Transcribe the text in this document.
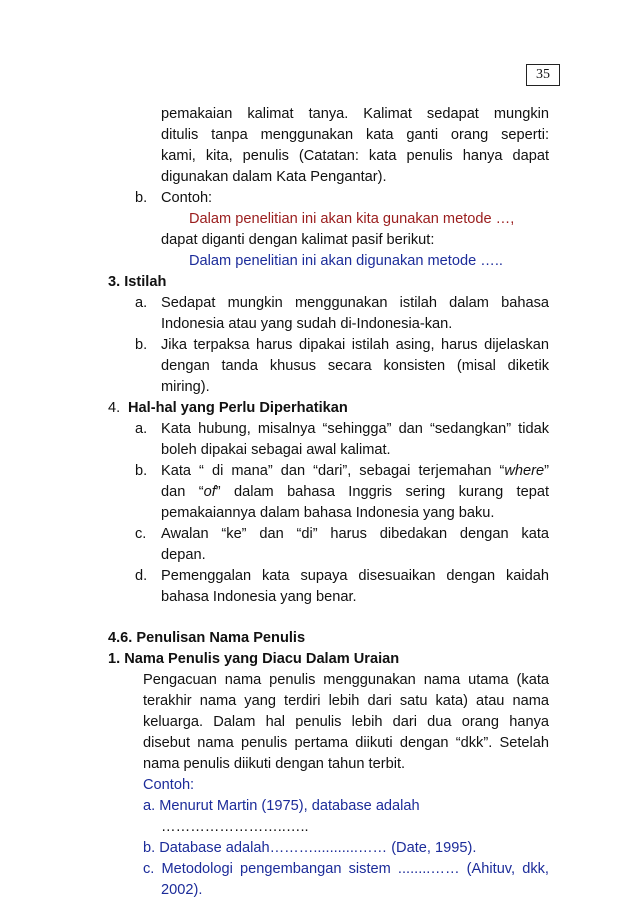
35
pemakaian kalimat tanya. Kalimat sedapat mungkin
ditulis tanpa menggunakan kata ganti orang seperti:
kami, kita, penulis (Catatan: kata penulis hanya dapat
digunakan dalam Kata Pengantar).
b. Contoh:
Dalam penelitian ini akan kita gunakan metode …,
dapat diganti dengan kalimat pasif berikut:
Dalam penelitian ini akan digunakan metode …..
3. Istilah
a. Sedapat mungkin menggunakan istilah dalam bahasa
Indonesia atau yang sudah di-Indonesia-kan.
b. Jika terpaksa harus dipakai istilah asing, harus dijelaskan
dengan tanda khusus secara konsisten (misal diketik
miring).
4. Hal-hal yang Perlu Diperhatikan
a. Kata hubung, misalnya “sehingga” dan “sedangkan” tidak
boleh dipakai sebagai awal kalimat.
b. Kata “ di mana” dan “dari”, sebagai terjemahan “where”
dan “of” dalam bahasa Inggris sering kurang tepat
pemakaiannya dalam bahasa Indonesia yang baku.
c. Awalan “ke” dan “di” harus dibedakan dengan kata
depan.
d. Pemenggalan kata supaya disesuaikan dengan kaidah
bahasa Indonesia yang benar.
4.6. Penulisan Nama Penulis
1. Nama Penulis yang Diacu Dalam Uraian
Pengacuan nama penulis menggunakan nama utama (kata
terakhir nama yang terdiri lebih dari satu kata) atau nama
keluarga. Dalam hal penulis lebih dari dua orang hanya
disebut nama penulis pertama diikuti dengan “dkk”. Setelah
nama penulis diikuti dengan tahun terbit.
Contoh:
a. Menurut Martin (1975), database adalah
……………………..…..
b. Database adalah………...........…… (Date, 1995).
c. Metodologi pengembangan sistem ........…… (Ahituv, dkk,
2002).
